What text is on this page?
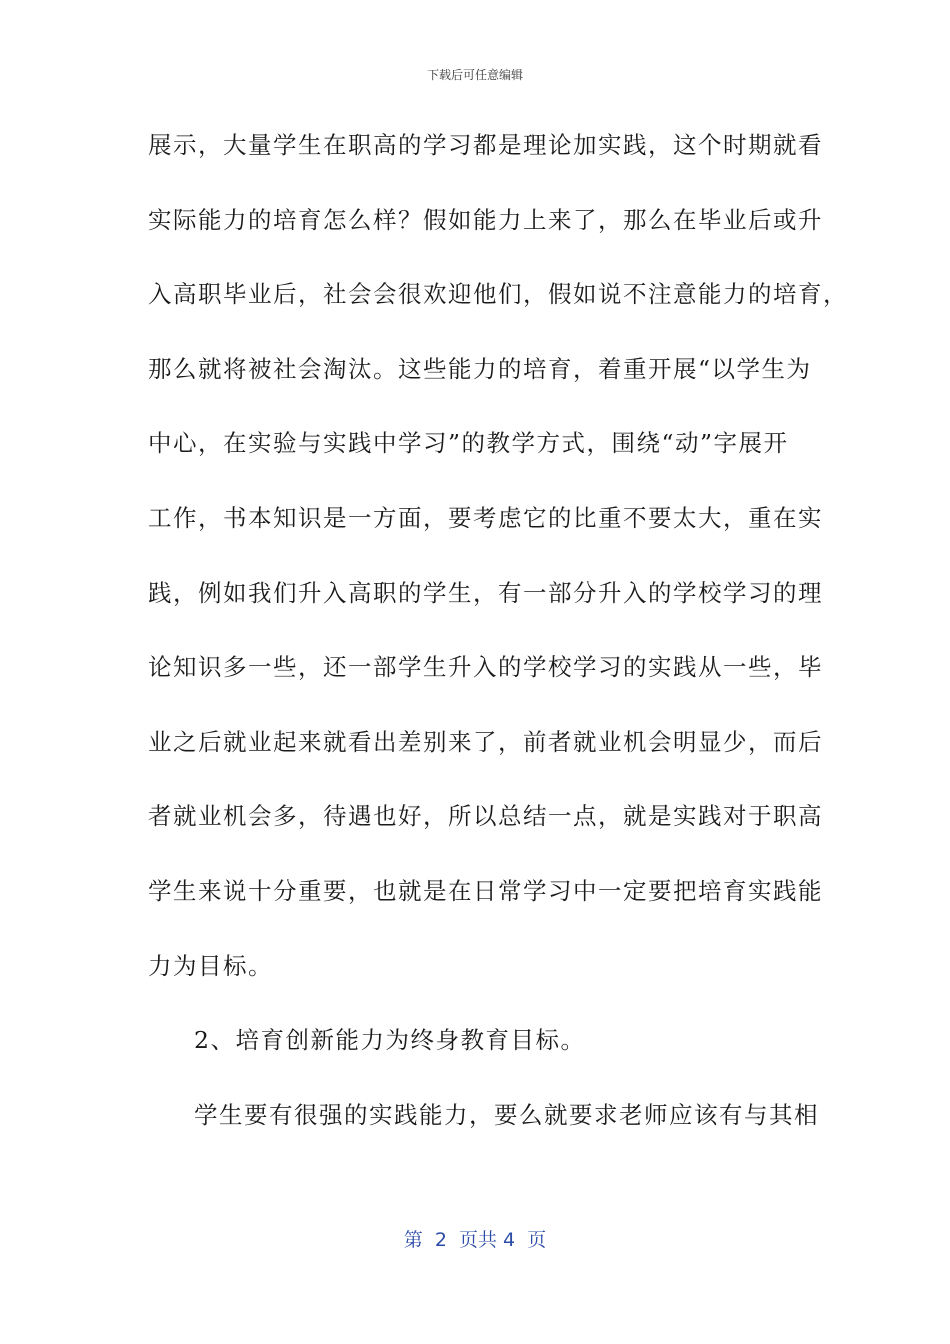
下载后可任意编辑
展示，大量学生在职高的学习都是理论加实践，这个时期就看
实际能力的培育怎么样？假如能力上来了，那么在毕业后或升
入高职毕业后，社会会很欢迎他们，假如说不注意能力的培育，
那么就将被社会淘汰。这些能力的培育，着重开展“以学生为
中心，在实验与实践中学习”的教学方式，围绕“动”字展开
工作，书本知识是一方面，要考虑它的比重不要太大，重在实
践，例如我们升入高职的学生，有一部分升入的学校学习的理
论知识多一些，还一部学生升入的学校学习的实践从一些，毕
业之后就业起来就看出差别来了，前者就业机会明显少，而后
者就业机会多，待遇也好，所以总结一点，就是实践对于职高
学生来说十分重要，也就是在日常学习中一定要把培育实践能
力为目标。
2、培育创新能力为终身教育目标。
学生要有很强的实践能力，要么就要求老师应该有与其相
第  2  页共 4  页
